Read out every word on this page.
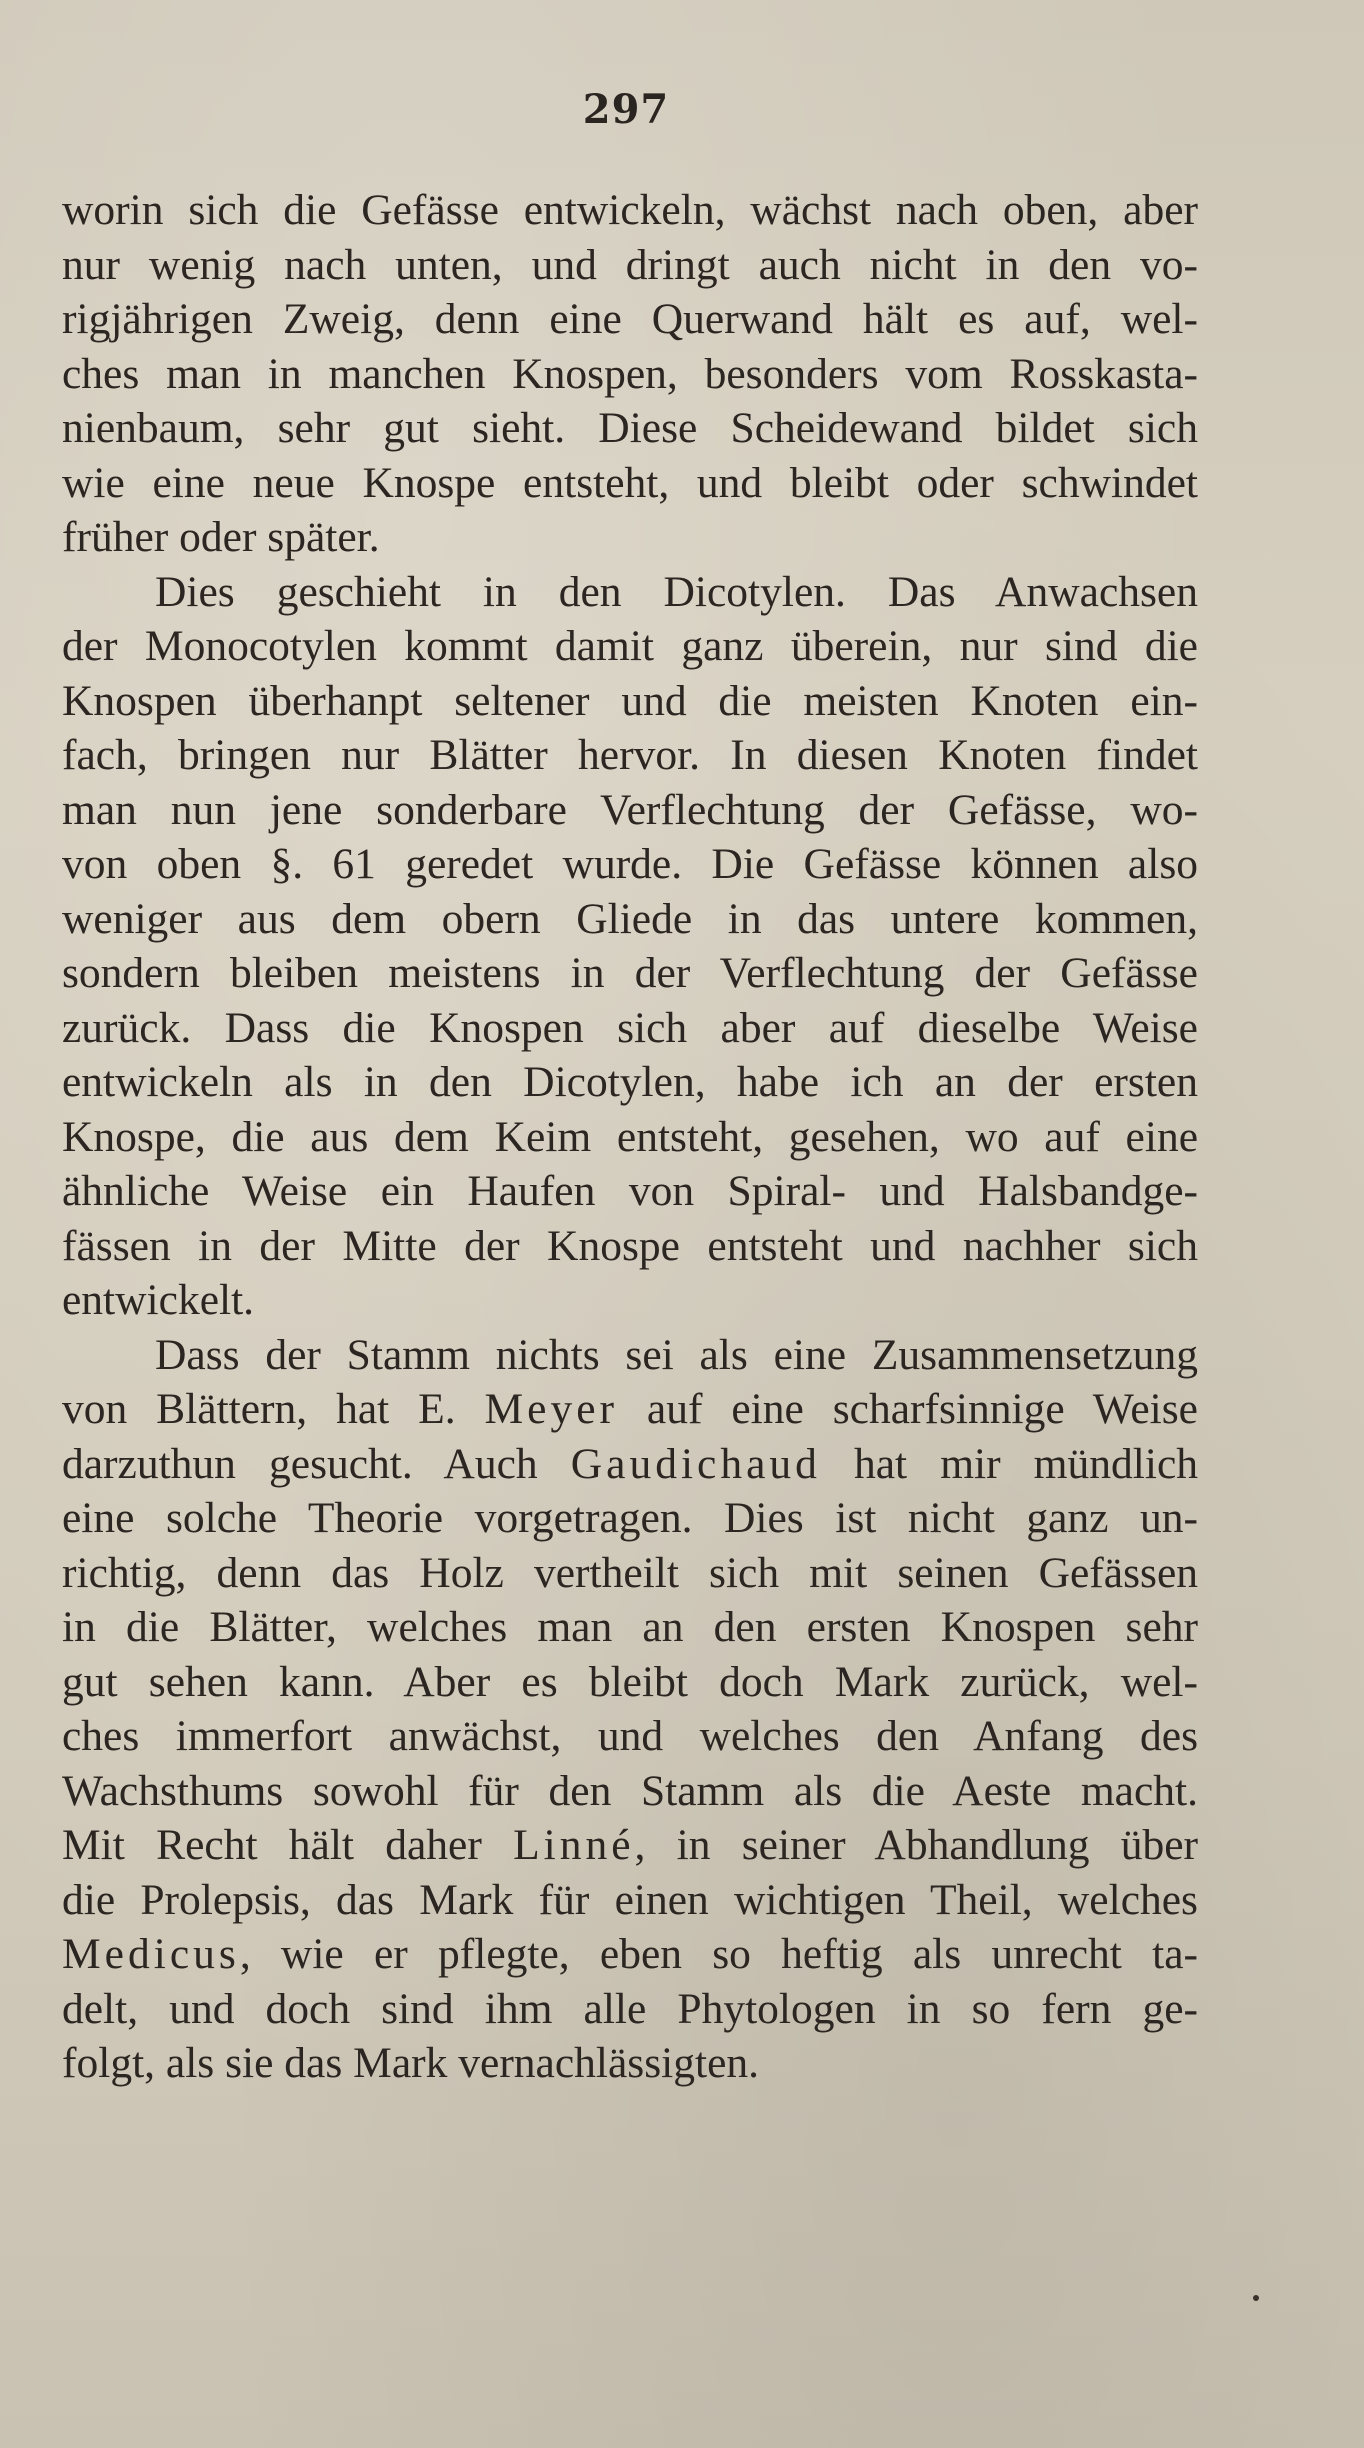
297
worin sich die Gefässe entwickeln, wächst nach oben, aber
nur wenig nach unten, und dringt auch nicht in den vo-
rigjährigen Zweig, denn eine Querwand hält es auf, wel-
ches man in manchen Knospen, besonders vom Rosskasta-
nienbaum, sehr gut sieht. Diese Scheidewand bildet sich
wie eine neue Knospe entsteht, und bleibt oder schwindet
früher oder später.
Dies geschieht in den Dicotylen. Das Anwachsen
der Monocotylen kommt damit ganz überein, nur sind die
Knospen überhanpt seltener und die meisten Knoten ein-
fach, bringen nur Blätter hervor. In diesen Knoten findet
man nun jene sonderbare Verflechtung der Gefässe, wo-
von oben §. 61 geredet wurde. Die Gefässe können also
weniger aus dem obern Gliede in das untere kommen,
sondern bleiben meistens in der Verflechtung der Gefässe
zurück. Dass die Knospen sich aber auf dieselbe Weise
entwickeln als in den Dicotylen, habe ich an der ersten
Knospe, die aus dem Keim entsteht, gesehen, wo auf eine
ähnliche Weise ein Haufen von Spiral- und Halsbandge-
fässen in der Mitte der Knospe entsteht und nachher sich
entwickelt.
Dass der Stamm nichts sei als eine Zusammensetzung
von Blättern, hat E. Meyer auf eine scharfsinnige Weise
darzuthun gesucht. Auch Gaudichaud hat mir mündlich
eine solche Theorie vorgetragen. Dies ist nicht ganz un-
richtig, denn das Holz vertheilt sich mit seinen Gefässen
in die Blätter, welches man an den ersten Knospen sehr
gut sehen kann. Aber es bleibt doch Mark zurück, wel-
ches immerfort anwächst, und welches den Anfang des
Wachsthums sowohl für den Stamm als die Aeste macht.
Mit Recht hält daher Linné, in seiner Abhandlung über
die Prolepsis, das Mark für einen wichtigen Theil, welches
Medicus, wie er pflegte, eben so heftig als unrecht ta-
delt, und doch sind ihm alle Phytologen in so fern ge-
folgt, als sie das Mark vernachlässigten.
